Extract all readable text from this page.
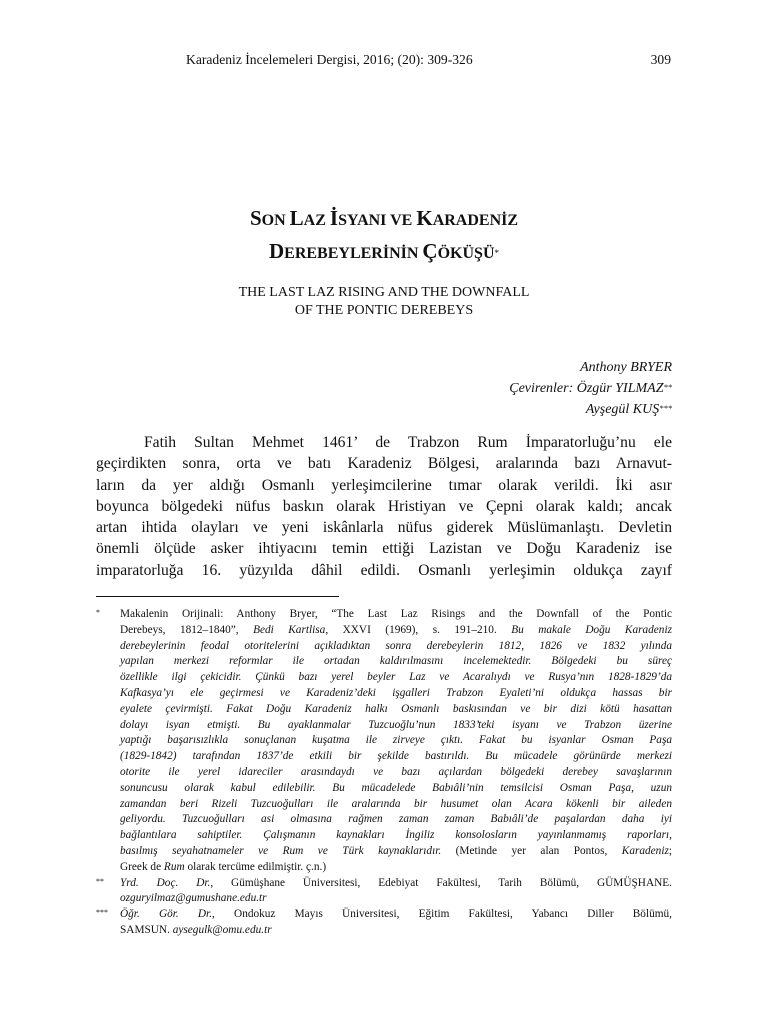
Karadeniz İncelemeleri Dergisi, 2016; (20): 309-326	309
SON LAZ İSYANI VE KARADENİZ
DEREBEYLERİNİN ÇÖKÜŞÜ*
THE LAST LAZ RISING AND THE DOWNFALL
OF THE PONTIC DEREBEYS
Anthony BRYER
Çevirenler: Özgür YILMAZ**
Ayşegül KUŞ***
Fatih Sultan Mehmet 1461’ de Trabzon Rum İmparatorluğu’nu ele
geçirdikten sonra, orta ve batı Karadeniz Bölgesi, aralarında bazı Arnavut-
ların da yer aldığı Osmanlı yerleşimcilerine tımar olarak verildi. İki asır
boyunca bölgedeki nüfus baskın olarak Hristiyan ve Çepni olarak kaldı; ancak
artan ihtida olayları ve yeni iskânlarla nüfus giderek Müslümanlaştı. Devletin
önemli ölçüde asker ihtiyacını temin ettiği Lazistan ve Doğu Karadeniz ise
imparatorluğa 16. yüzyılda dâhil edildi. Osmanlı yerleşimin oldukça zayıf
* Makalenin Orijinali: Anthony Bryer, “The Last Laz Risings and the Downfall of the Pontic
Derebeys, 1812–1840”, Bedi Kartlisa, XXVI (1969), s. 191–210. Bu makale Doğu Karadeniz
derebeylerinin feodal otoritelerini açıkladıktan sonra derebeylerin 1812, 1826 ve 1832 yılında
yapılan merkezi reformlar ile ortadan kaldırılmasını incelemektedir. Bölgedeki bu süreç
özellikle ilgi çekicidir. Çünkü bazı yerel beyler Laz ve Acaralıydı ve Rusya’nın 1828-1829’da
Kafkasya’yı ele geçirmesi ve Karadeniz’deki işgalleri Trabzon Eyaleti’ni oldukça hassas bir
eyalete çevirmişti. Fakat Doğu Karadeniz halkı Osmanlı baskısından ve bir dizi kötü hasattan
dolayı isyan etmişti. Bu ayaklanmalar Tuzcuoğlu’nun 1833’teki isyanı ve Trabzon üzerine
yaptığı başarısızlıkla sonuçlanan kuşatma ile zirveye çıktı. Fakat bu isyanlar Osman Paşa
(1829-1842) tarafından 1837’de etkili bir şekilde bastırıldı. Bu mücadele görünürde merkezi
otorite ile yerel idareciler arasındaydı ve bazı açılardan bölgedeki derebey savaşlarının
sonuncusu olarak kabul edilebilir. Bu mücadelede Babıâli’nin temsilcisi Osman Paşa, uzun
zamandan beri Rizeli Tuzcuoğulları ile aralarında bir husumet olan Acara kökenli bir aileden
geliyordu. Tuzcuoğulları asi olmasına rağmen zaman zaman Babıâli’de paşalardan daha iyi
bağlantılara sahiptiler. Çalışmanın kaynakları İngiliz konsolosların yayınlanmamış raporları,
basılmış seyahatnameler ve Rum ve Türk kaynaklarıdır. (Metinde yer alan Pontos, Karadeniz;
Greek de Rum olarak tercüme edilmiştir. ç.n.)
** Yrd. Doç. Dr., Gümüşhane Üniversitesi, Edebiyat Fakültesi, Tarih Bölümü, GÜMÜŞHANE.
ozguryilmaz@gumushane.edu.tr
*** Öğr. Gör. Dr., Ondokuz Mayıs Üniversitesi, Eğitim Fakültesi, Yabancı Diller Bölümü,
SAMSUN. aysegulk@omu.edu.tr
